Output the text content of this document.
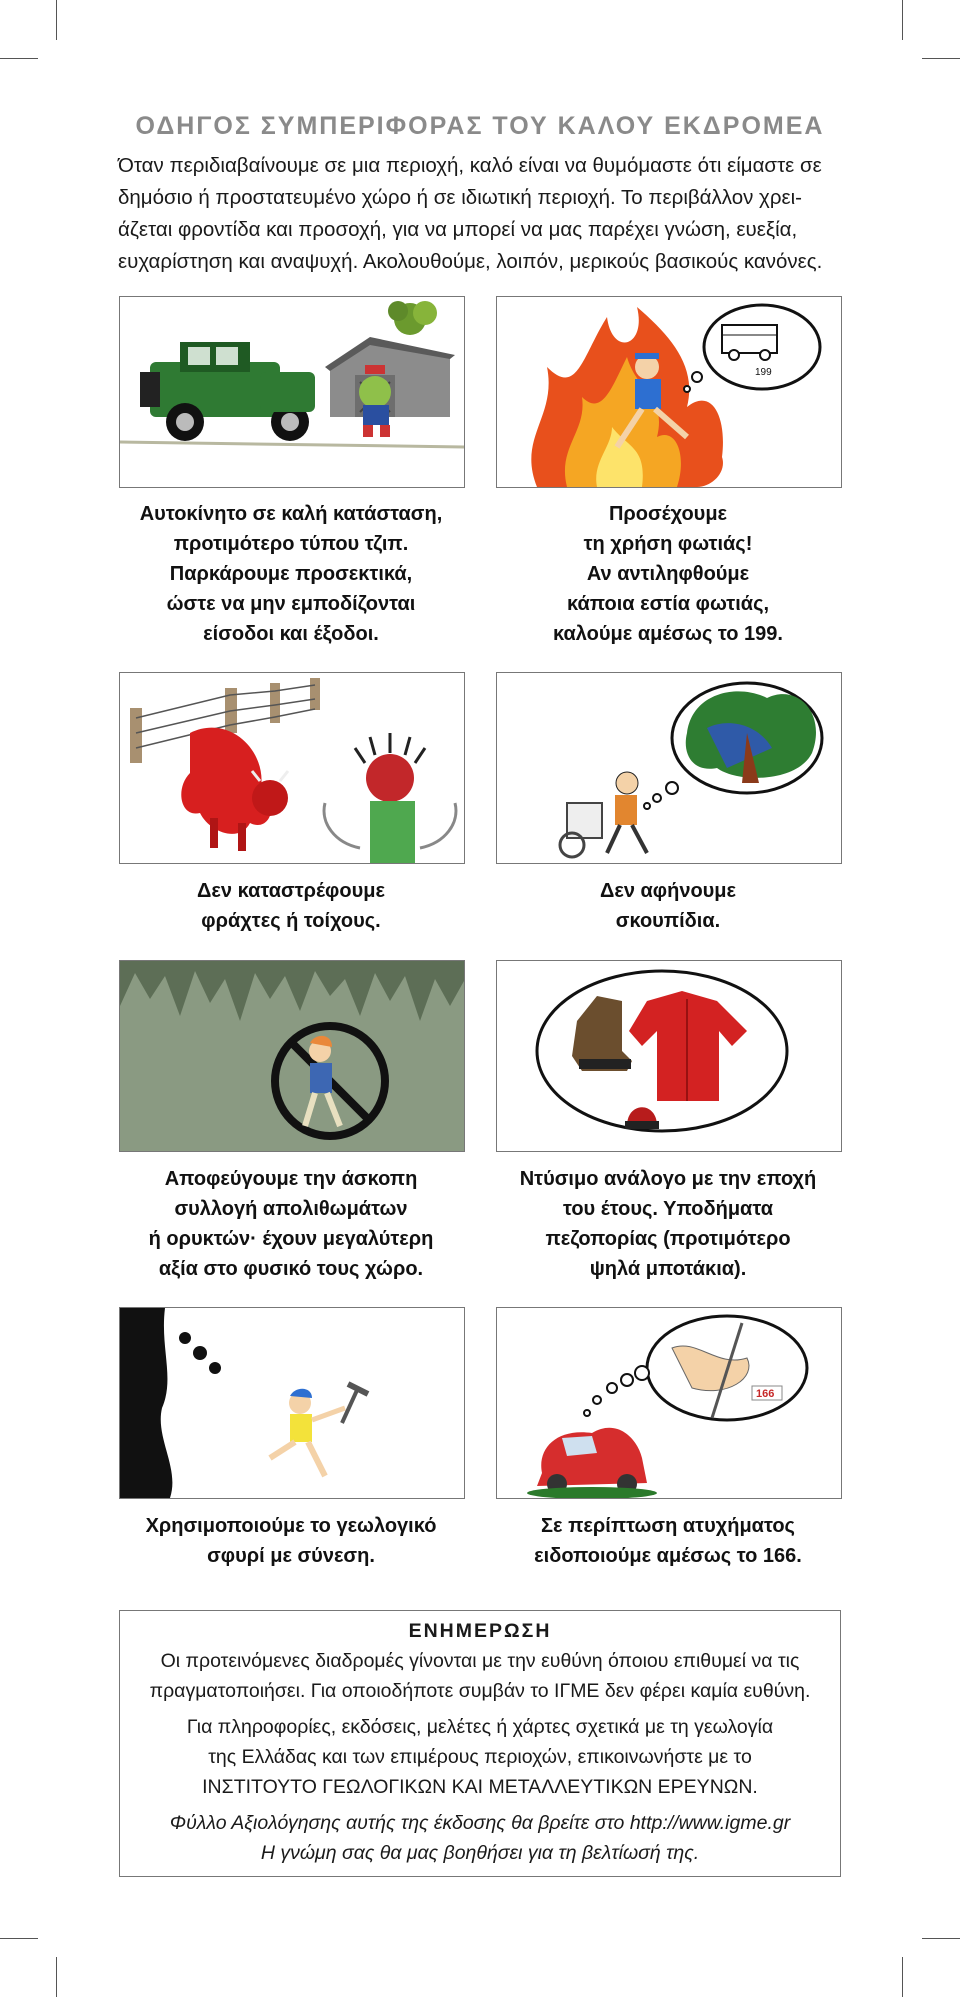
ΟΔΗΓΟΣ ΣΥΜΠΕΡΙΦΟΡΑΣ ΤΟΥ ΚΑΛΟΥ ΕΚΔΡΟΜΕΑ

Όταν περιδιαβαίνουμε σε μια περιοχή, καλό είναι να θυμόμαστε ότι είμαστε σε

δημόσιο ή προστατευμένο χώρο ή σε ιδιωτική περιοχή. Το περιβάλλον χρει-

άζεται φροντίδα και προσοχή, για να μπορεί να μας παρέχει γνώση, ευεξία,

ευχαρίστηση και αναψυχή. Ακολουθούμε, λοιπόν, μερικούς βασικούς κανόνες.

Αυτοκίνητο σε καλή κατάσταση,
προτιμότερο τύπου τζιπ.
Παρκάρουμε προσεκτικά,
ώστε να μην εμποδίζονται
είσοδοι και έξοδοι.
199
Προσέχουμε
τη χρήση φωτιάς!
Αν αντιληφθούμε
κάποια εστία φωτιάς,
καλούμε αμέσως το 199.
Δεν καταστρέφουμε
φράχτες ή τοίχους.
Δεν αφήνουμε
σκουπίδια.
Αποφεύγουμε την άσκοπη
συλλογή απολιθωμάτων
ή ορυκτών· έχουν μεγαλύτερη
αξία στο φυσικό τους χώρο.
Ντύσιμο ανάλογο με την εποχή
του έτους. Υποδήματα
πεζοπορίας (προτιμότερο
ψηλά μποτάκια).
Χρησιμοποιούμε το γεωλογικό
σφυρί με σύνεση.
166
Σε περίπτωση ατυχήματος
ειδοποιούμε αμέσως το 166.
ΕΝΗΜΕΡΩΣΗ
Οι προτεινόμενες διαδρομές γίνονται με την ευθύνη όποιου επιθυμεί να τις
πραγματοποιήσει. Για οποιοδήποτε συμβάν το ΙΓΜΕ δεν φέρει καμία ευθύνη.
Για πληροφορίες, εκδόσεις, μελέτες ή χάρτες σχετικά με τη γεωλογία
της Ελλάδας και των επιμέρους περιοχών, επικοινωνήστε με το
ΙΝΣΤΙΤΟΥΤΟ ΓΕΩΛΟΓΙΚΩΝ ΚΑΙ ΜΕΤΑΛΛΕΥΤΙΚΩΝ ΕΡΕΥΝΩΝ.
Φύλλο Αξιολόγησης αυτής της έκδοσης θα βρείτε στο http://www.igme.gr
Η γνώμη σας θα μας βοηθήσει για τη βελτίωσή της.
